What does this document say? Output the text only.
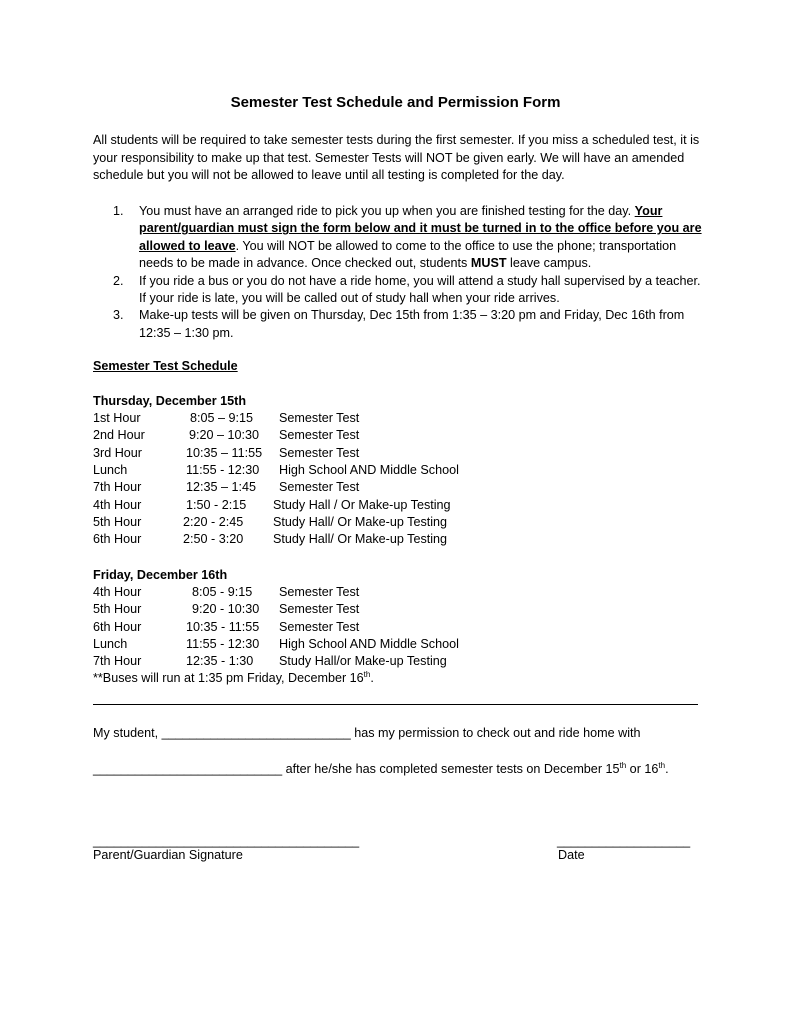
Semester Test Schedule and Permission Form
All students will be required to take semester tests during the first semester. If you miss a scheduled test, it is your responsibility to make up that test. Semester Tests will NOT be given early. We will have an amended schedule but you will not be allowed to leave until all testing is completed for the day.
1. You must have an arranged ride to pick you up when you are finished testing for the day. Your parent/guardian must sign the form below and it must be turned in to the office before you are allowed to leave. You will NOT be allowed to come to the office to use the phone; transportation needs to be made in advance. Once checked out, students MUST leave campus.
2. If you ride a bus or you do not have a ride home, you will attend a study hall supervised by a teacher. If your ride is late, you will be called out of study hall when your ride arrives.
3. Make-up tests will be given on Thursday, Dec 15th from 1:35 – 3:20 pm and Friday, Dec 16th from 12:35 – 1:30 pm.
Semester Test Schedule
Thursday, December 15th
1st Hour	8:05 – 9:15 Semester Test
2nd Hour	9:20 – 10:30 Semester Test
3rd Hour	10:35 – 11:55 Semester Test
Lunch	11:55 - 12:30 High School AND Middle School
7th Hour	12:35 – 1:45 Semester Test
4th Hour	1:50 - 2:15 Study Hall / Or Make-up Testing
5th Hour	2:20 - 2:45 Study Hall/ Or Make-up Testing
6th Hour	2:50 - 3:20 Study Hall/ Or Make-up Testing
Friday, December 16th
4th Hour	8:05 - 9:15 Semester Test
5th Hour	9:20 - 10:30 Semester Test
6th Hour	10:35 - 11:55 Semester Test
Lunch	11:55 - 12:30 High School AND Middle School
7th Hour	12:35 - 1:30 Study Hall/or Make-up Testing
**Buses will run at 1:35 pm Friday, December 16th.
My student, ___________________________ has my permission to check out and ride home with
___________________________ after he/she has completed semester tests on December 15th or 16th.
______________________________________
Parent/Guardian Signature
___________________
Date
